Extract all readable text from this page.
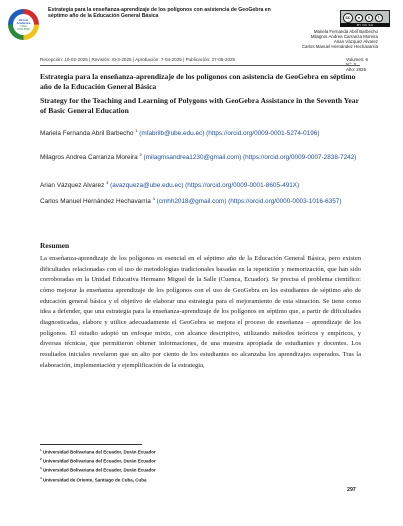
Revista
Académica
ISSN
2765-8600
Estrategia para la enseñanza-aprendizaje de los polígonos con asistencia de GeoGebra en
séptimo año de la Educación General Básica	cc	●	$	↻
BY NC SA
Mariela Fernanda Abril Barbecho
Milagros Andrea Carranza Moreira
Arian Vázquez Alvarez
Carlos Manuel Hernández Hechavarría
Volumen: 6
N°: 3
Año: 2025
Recepción: 10-02-2025 | Revisión: r0-3-2025 | Aprobación: 7-04-2025 | Publicación: 27-05-2025
Estrategia para la enseñanza-aprendizaje de los polígonos con asistencia de GeoGebra en séptimo año de la Educación General Básica
Strategy for the Teaching and Learning of Polygons with GeoGebra Assistance in the Seventh Year of Basic General Education
Mariela Fernanda Abril Barbecho $^1$ (mfabrilb@ube.edu.ec) (https://orcid.org/0009-0001-5274-0196)
Milagros Andrea Carranza Moreira $^2$ (milagmsandrea1230@gmail.com) (https://orcid.org/0009-0007-2838-7242)
Arian Vázquez Alvarez $^3$ (avazqueza@ube.edu.ec) (https://orcid.org/0009-0001-8605-491X)
Carlos Manuel Hernández Hechavarría $^4$ (cmhh2018@gmail.com) (https://orcid.org/0000-0003-1016-6357)
Resumen
La enseñanza-aprendizaje de los polígonos es esencial en el séptimo año de la Educación General Básica, pero existen dificultades relacionadas con el uso de metodologías tradicionales basadas en la repetición y memorización, que han sido corroboradas en la Unidad Educativa Hermano Miguel de la Salle (Cuenca, Ecuador). Se precisa el problema científico: cómo mejorar la enseñanza aprendizaje de los polígonos con el uso de GeoGebra en los estudiantes de séptimo año de educación general básica y el objetivo de elaborar una estrategia para el mejoramiento de esta situación. Se tiene como idea a defender, que una estrategia para la enseñanza-aprendizaje de los polígonos en séptimo que, a partir de dificultades diagnosticadas, elabore y utilice adecuadamente el GeoGebra se mejora el proceso de enseñanza – aprendizaje de los polígonos. El estudio adoptó un enfoque mixto, con alcance descriptivo, utilizando métodos teóricos y empíricos, y diversas técnicas, que permitieron obtener informaciones, de una muestra apropiada de estudiantes y docentes. Los resultados iniciales revelaron que un alto por ciento de los estudiantes no alcanzaba los aprendizajes esperados. Tras la elaboración, implementación y ejemplificación de la estrategia,
$^1$ Universidad Bolivariana del Ecuador, Durán Ecuador
$^2$ Universidad Bolivariana del Ecuador, Durán Ecuador
$^3$ Universidad Bolivariana del Ecuador, Durán Ecuador
$^4$ Universidad de Oriente, Santiago de Cuba, Cuba
297
